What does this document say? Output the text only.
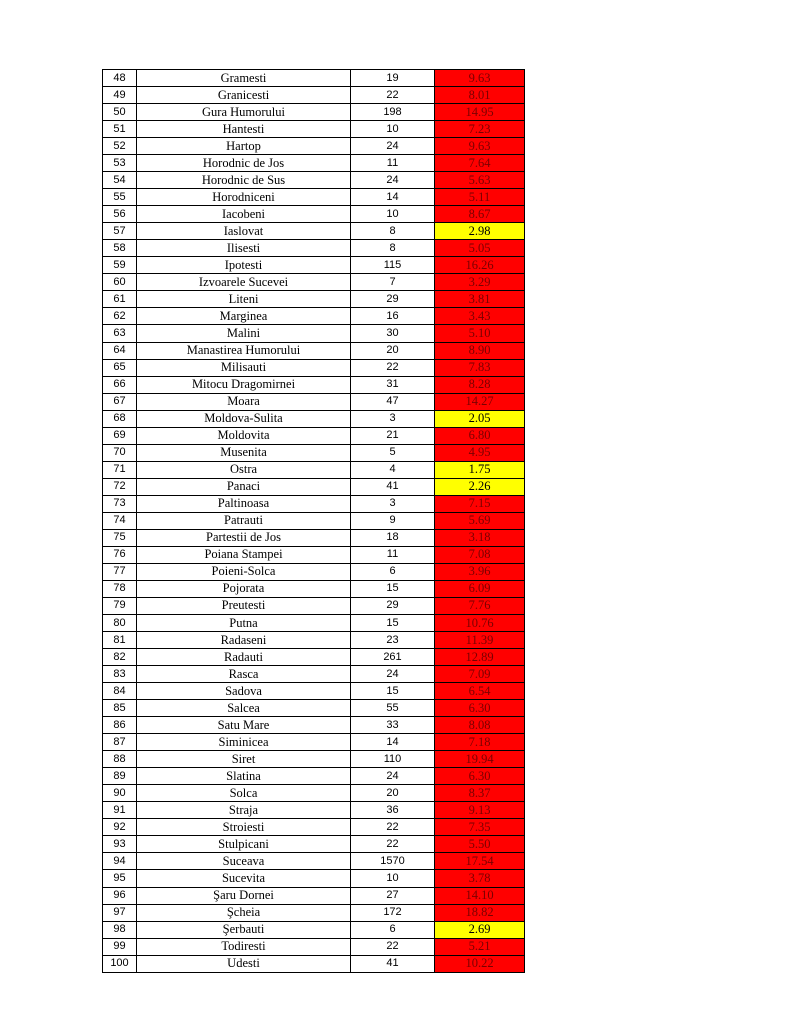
48	Gramesti	19	9.63
49	Granicesti	22	8.01
50	Gura Humorului	198	14.95
51	Hantesti	10	7.23
52	Hartop	24	9.63
53	Horodnic de Jos	11	7.64
54	Horodnic de Sus	24	5.63
55	Horodniceni	14	5.11
56	Iacobeni	10	8.67
57	Iaslovat	8	2.98
58	Ilisesti	8	5.05
59	Ipotesti	115	16.26
60	Izvoarele Sucevei	7	3.29
61	Liteni	29	3.81
62	Marginea	16	3.43
63	Malini	30	5.10
64	Manastirea Humorului	20	8.90
65	Milisauti	22	7.83
66	Mitocu Dragomirnei	31	8.28
67	Moara	47	14.27
68	Moldova-Sulita	3	2.05
69	Moldovita	21	6.80
70	Musenita	5	4.95
71	Ostra	4	1.75
72	Panaci	41	2.26
73	Paltinoasa	3	7.15
74	Patrauti	9	5.69
75	Partestii de Jos	18	3.18
76	Poiana Stampei	11	7.08
77	Poieni-Solca	6	3.96
78	Pojorata	15	6.09
79	Preutesti	29	7.76
80	Putna	15	10.76
81	Radaseni	23	11.39
82	Radauti	261	12.89
83	Rasca	24	7.09
84	Sadova	15	6.54
85	Salcea	55	6.30
86	Satu Mare	33	8.08
87	Siminicea	14	7.18
88	Siret	110	19.94
89	Slatina	24	6.30
90	Solca	20	8.37
91	Straja	36	9.13
92	Stroiesti	22	7.35
93	Stulpicani	22	5.50
94	Suceava	1570	17.54
95	Sucevita	10	3.78
96	Şaru Dornei	27	14.10
97	Şcheia	172	18.82
98	Şerbauti	6	2.69
99	Todiresti	22	5.21
100	Udesti	41	10.22
